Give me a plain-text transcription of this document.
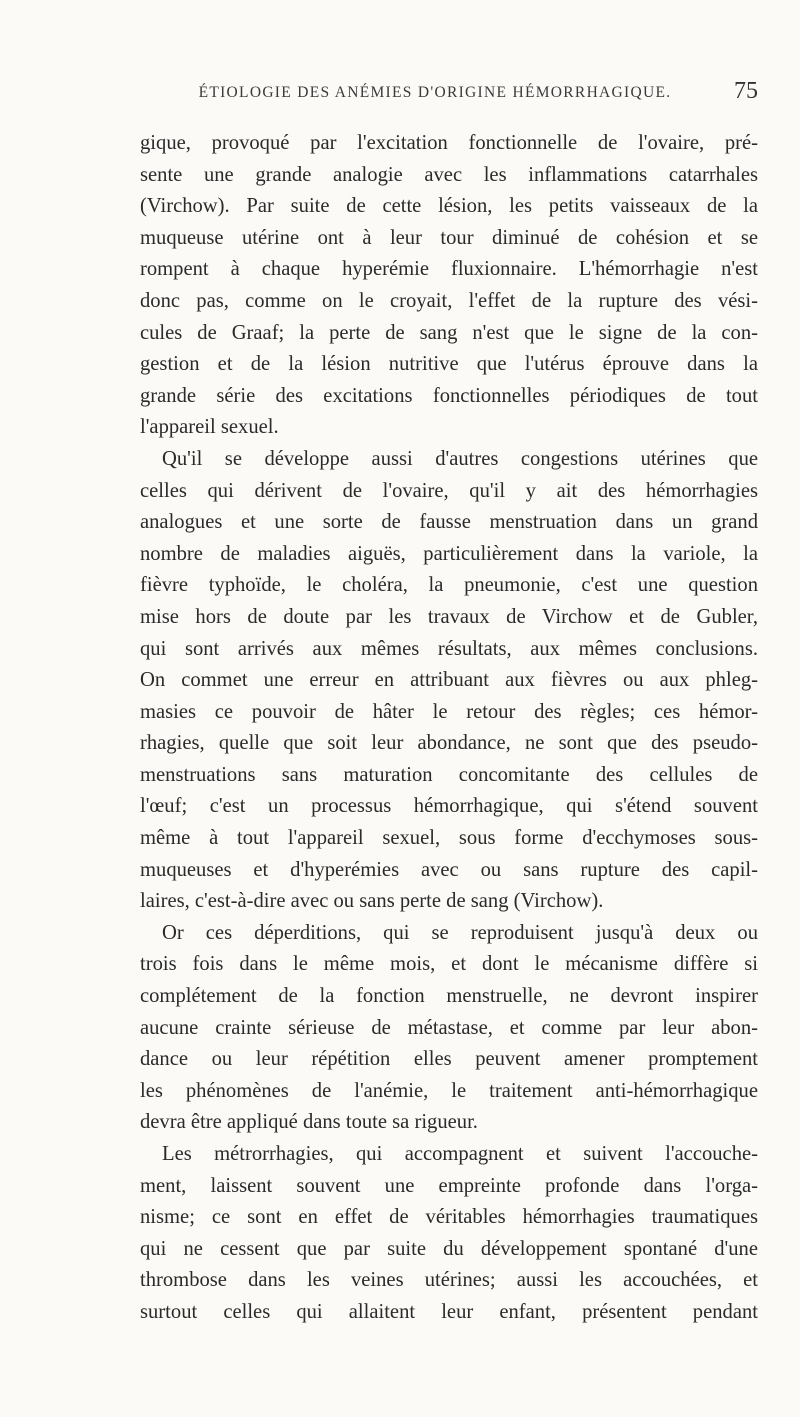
ÉTIOLOGIE DES ANÉMIES D'ORIGINE HÉMORRHAGIQUE.	75
gique, provoqué par l'excitation fonctionnelle de l'ovaire, pré-
sente une grande analogie avec les inflammations catarrhales
(Virchow). Par suite de cette lésion, les petits vaisseaux de la
muqueuse utérine ont à leur tour diminué de cohésion et se
rompent à chaque hyperémie fluxionnaire. L'hémorrhagie n'est
donc pas, comme on le croyait, l'effet de la rupture des vési-
cules de Graaf; la perte de sang n'est que le signe de la con-
gestion et de la lésion nutritive que l'utérus éprouve dans la
grande série des excitations fonctionnelles périodiques de tout
l'appareil sexuel.
Qu'il se développe aussi d'autres congestions utérines que
celles qui dérivent de l'ovaire, qu'il y ait des hémorrhagies
analogues et une sorte de fausse menstruation dans un grand
nombre de maladies aiguës, particulièrement dans la variole, la
fièvre typhoïde, le choléra, la pneumonie, c'est une question
mise hors de doute par les travaux de Virchow et de Gubler,
qui sont arrivés aux mêmes résultats, aux mêmes conclusions.
On commet une erreur en attribuant aux fièvres ou aux phleg-
masies ce pouvoir de hâter le retour des règles; ces hémor-
rhagies, quelle que soit leur abondance, ne sont que des pseudo-
menstruations sans maturation concomitante des cellules de
l'œuf; c'est un processus hémorrhagique, qui s'étend souvent
même à tout l'appareil sexuel, sous forme d'ecchymoses sous-
muqueuses et d'hyperémies avec ou sans rupture des capil-
laires, c'est-à-dire avec ou sans perte de sang (Virchow).
Or ces déperditions, qui se reproduisent jusqu'à deux ou
trois fois dans le même mois, et dont le mécanisme diffère si
complétement de la fonction menstruelle, ne devront inspirer
aucune crainte sérieuse de métastase, et comme par leur abon-
dance ou leur répétition elles peuvent amener promptement
les phénomènes de l'anémie, le traitement anti-hémorrhagique
devra être appliqué dans toute sa rigueur.
Les métrorrhagies, qui accompagnent et suivent l'accouche-
ment, laissent souvent une empreinte profonde dans l'orga-
nisme; ce sont en effet de véritables hémorrhagies traumatiques
qui ne cessent que par suite du développement spontané d'une
thrombose dans les veines utérines; aussi les accouchées, et
surtout celles qui allaitent leur enfant, présentent pendant
